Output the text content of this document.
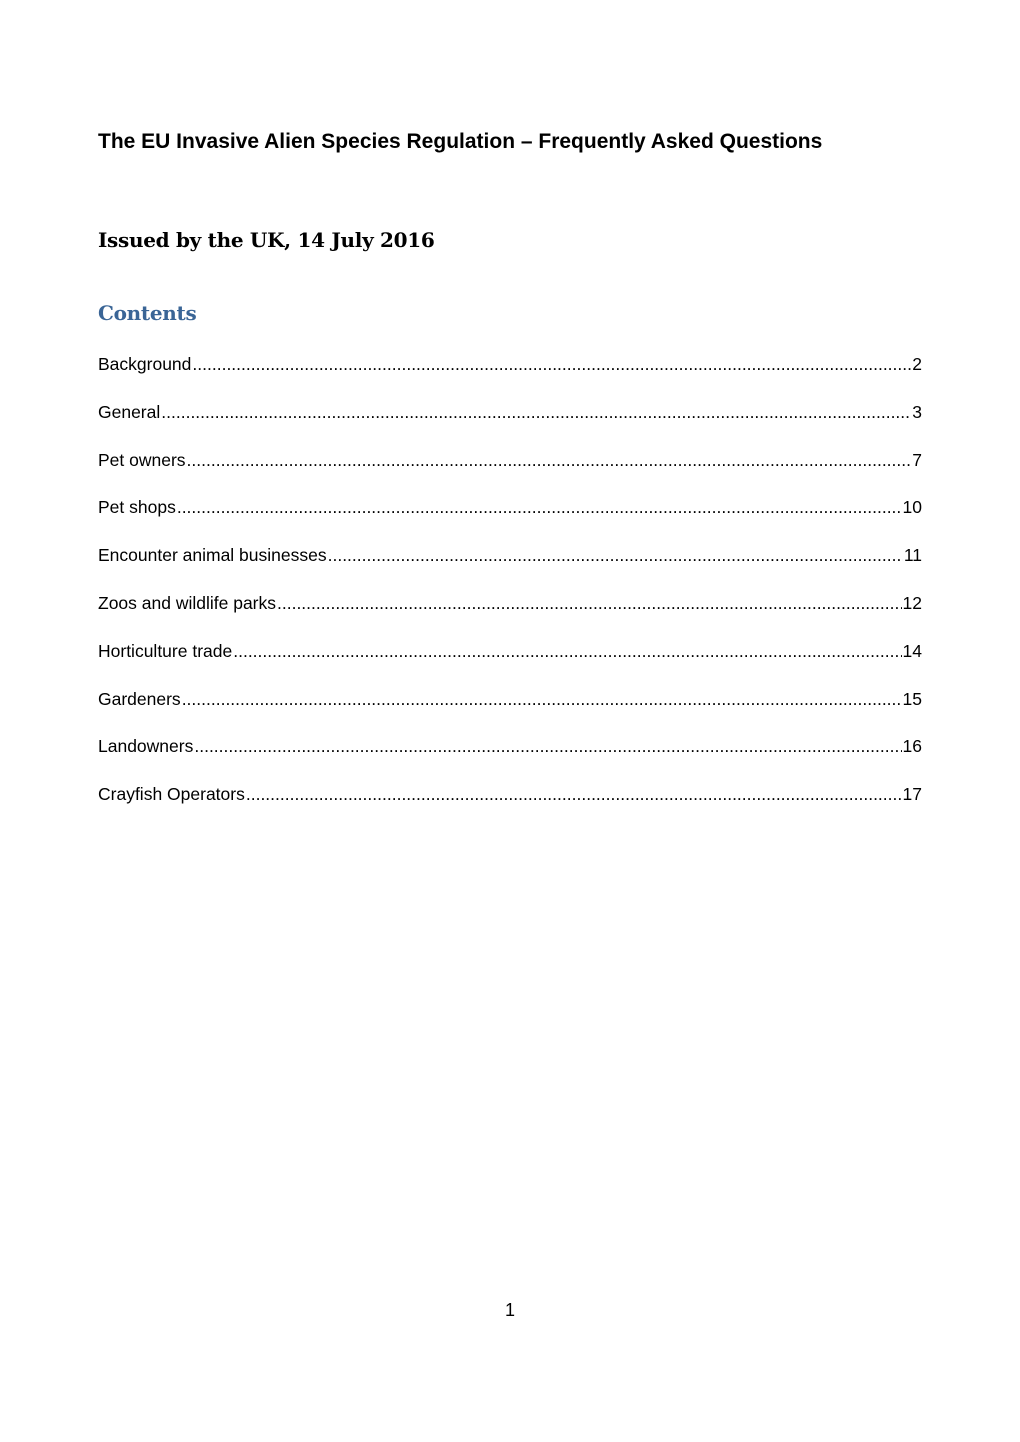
The EU Invasive Alien Species Regulation – Frequently Asked Questions
Issued by the UK, 14 July 2016
Contents
Background .....	2
General .....	3
Pet owners .....	7
Pet shops .....	10
Encounter animal businesses .....	11
Zoos and wildlife parks .....	12
Horticulture trade .....	14
Gardeners .....	15
Landowners .....	16
Crayfish Operators .....	17
1
